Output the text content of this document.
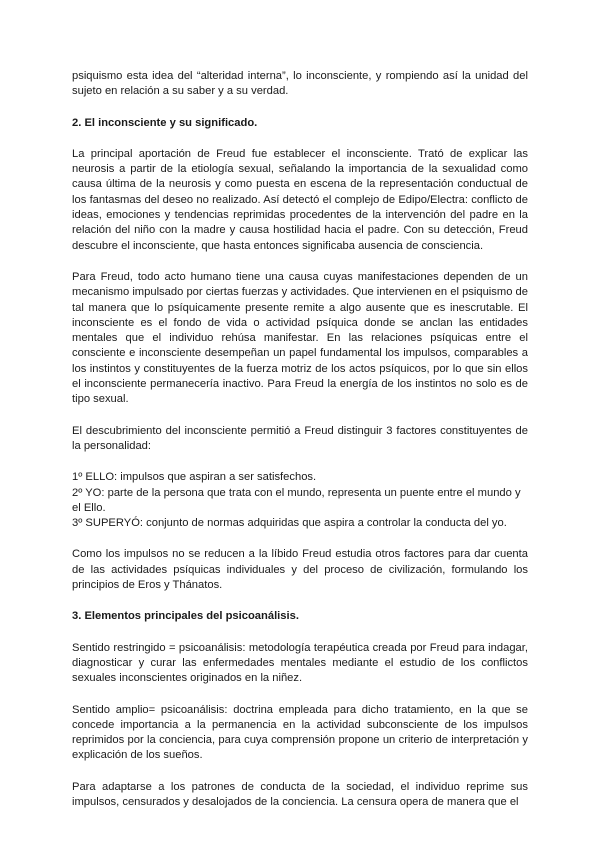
psiquismo esta idea del “alteridad interna”, lo inconsciente, y rompiendo así la unidad del sujeto en relación a su saber y a su verdad.

2. El inconsciente y su significado.

La principal aportación de Freud fue establecer el inconsciente. Trató de explicar las neurosis a partir de la etiología sexual, señalando la importancia de la sexualidad como causa última de la neurosis y como puesta en escena de la representación conductual de los fantasmas del deseo no realizado. Así detectó el complejo de Edipo/Electra: conflicto de ideas, emociones y tendencias reprimidas procedentes de la intervención del padre en la relación del niño con la madre y causa hostilidad hacia el padre. Con su detección, Freud descubre el inconsciente, que hasta entonces significaba ausencia de consciencia.

Para Freud, todo acto humano tiene una causa cuyas manifestaciones dependen de un mecanismo impulsado por ciertas fuerzas y actividades. Que intervienen en el psiquismo de tal manera que lo psíquicamente presente remite a algo ausente que es inescrutable. El inconsciente es el fondo de vida o actividad psíquica donde se anclan las entidades mentales que el individuo rehúsa manifestar. En las relaciones psíquicas entre el consciente e inconsciente desempeñan un papel fundamental los impulsos, comparables a los instintos y constituyentes de la fuerza motriz de los actos psíquicos, por lo que sin ellos el inconsciente permanecería inactivo. Para Freud la energía de los instintos no solo es de tipo sexual.

El descubrimiento del inconsciente permitió a Freud distinguir 3 factores constituyentes de la personalidad:

1º ELLO: impulsos que aspiran a ser satisfechos.

2º YO: parte de la persona que trata con el mundo, representa un puente entre el mundo y el Ello.

3º SUPERYÓ: conjunto de normas adquiridas que aspira a controlar la conducta del yo.

Como los impulsos no se reducen a la líbido Freud estudia otros factores para dar cuenta de las actividades psíquicas individuales y del proceso de civilización, formulando los principios de Eros y Thánatos.

3. Elementos principales del psicoanálisis.

Sentido restringido = psicoanálisis: metodología terapéutica creada por Freud para indagar, diagnosticar y curar las enfermedades mentales mediante el estudio de los conflictos sexuales inconscientes originados en la niñez.

Sentido amplio= psicoanálisis: doctrina empleada para dicho tratamiento, en la que se concede importancia a la permanencia en la actividad subconsciente de los impulsos reprimidos por la conciencia, para cuya comprensión propone un criterio de interpretación y explicación de los sueños.

Para adaptarse a los patrones de conducta de la sociedad, el individuo reprime sus impulsos, censurados y desalojados de la conciencia. La censura opera de manera que el
